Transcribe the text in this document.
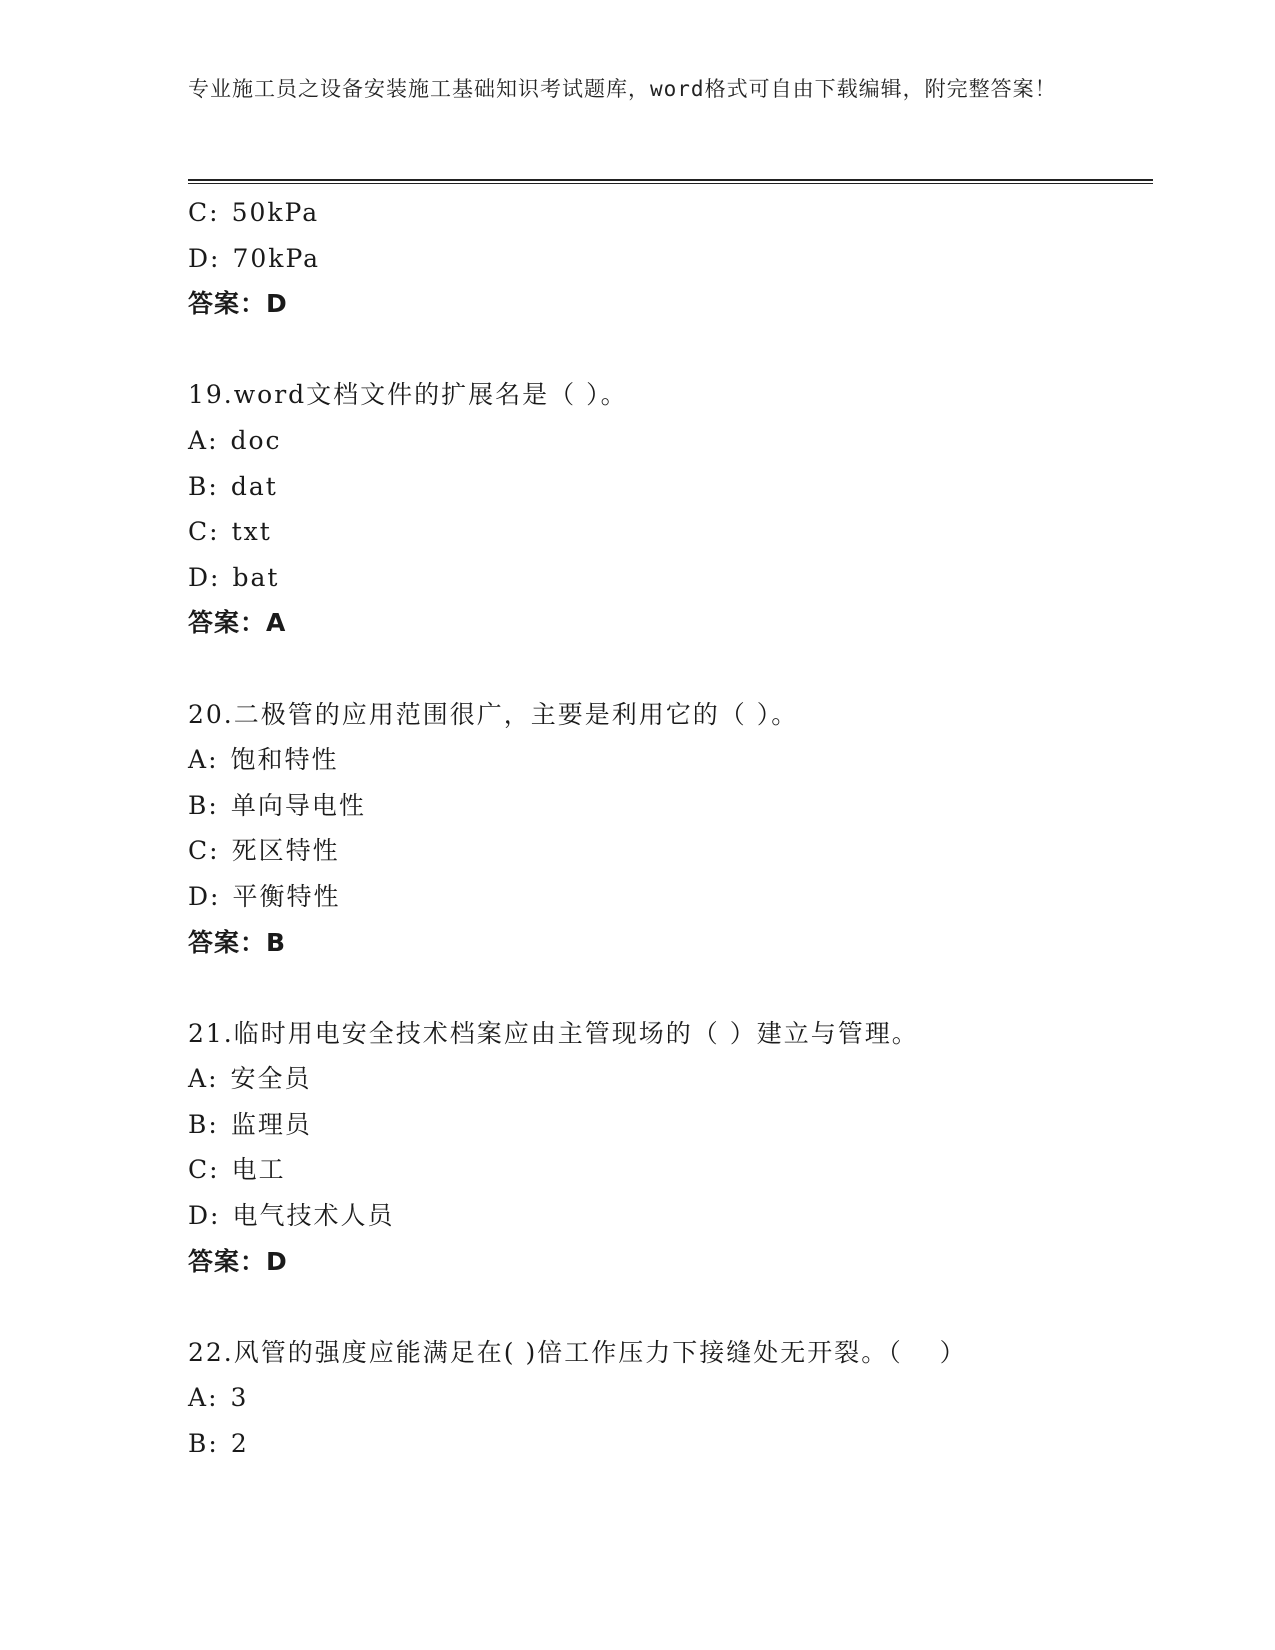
专业施工员之设备安装施工基础知识考试题库，word格式可自由下载编辑，附完整答案！
C: 50kPa
D: 70kPa
答案：D
19.word文档文件的扩展名是（ ）。
A: doc
B: dat
C: txt
D: bat
答案：A
20.二极管的应用范围很广，主要是利用它的（ ）。
A: 饱和特性
B: 单向导电性
C: 死区特性
D: 平衡特性
答案：B
21.临时用电安全技术档案应由主管现场的（ ）建立与管理。
A: 安全员
B: 监理员
C: 电工
D: 电气技术人员
答案：D
22.风管的强度应能满足在( )倍工作压力下接缝处无开裂。（　 ）
A: 3
B: 2
